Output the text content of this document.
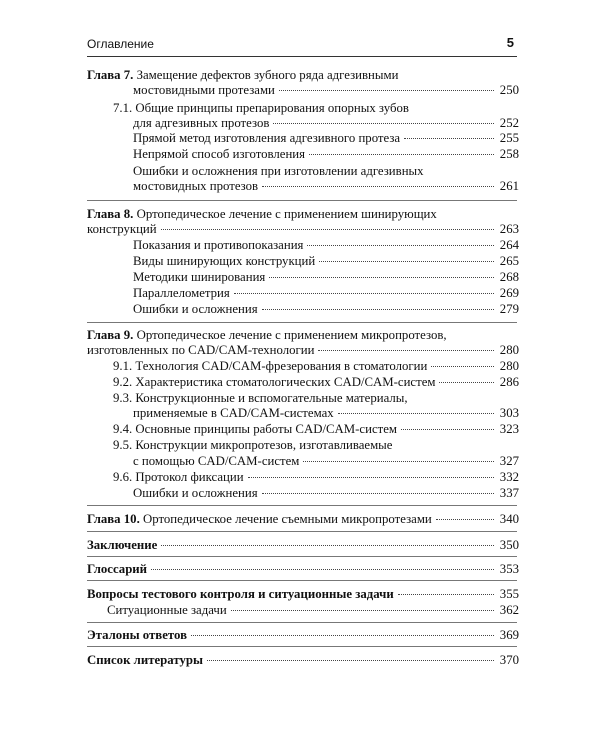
Оглавление	5
Глава 7. Замещение дефектов зубного ряда адгезивными
мостовидными протезами	250
7.1. Общие принципы препарирования опорных зубов
для адгезивных протезов	252
Прямой метод изготовления адгезивного протеза	255
Непрямой способ изготовления	258
Ошибки и осложнения при изготовлении адгезивных
мостовидных протезов	261
Глава 8. Ортопедическое лечение с применением шинирующих
конструкций	263
Показания и противопоказания	264
Виды шинирующих конструкций	265
Методики шинирования	268
Параллелометрия	269
Ошибки и осложнения	279
Глава 9. Ортопедическое лечение с применением микропротезов,
изготовленных по CAD/CAM-технологии	280
9.1. Технология CAD/CAM-фрезерования в стоматологии	280
9.2. Характеристика стоматологических CAD/CAM-систем	286
9.3. Конструкционные и вспомогательные материалы,
применяемые в CAD/CAM-системах	303
9.4. Основные принципы работы CAD/CAM-систем	323
9.5. Конструкции микропротезов, изготавливаемые
с помощью CAD/CAM-систем	327
9.6. Протокол фиксации	332
Ошибки и осложнения	337
Глава 10. Ортопедическое лечение съемными микропротезами	340
Заключение	350
Глоссарий	353
Вопросы тестового контроля и ситуационные задачи	355
Ситуационные задачи	362
Эталоны ответов	369
Список литературы	370
